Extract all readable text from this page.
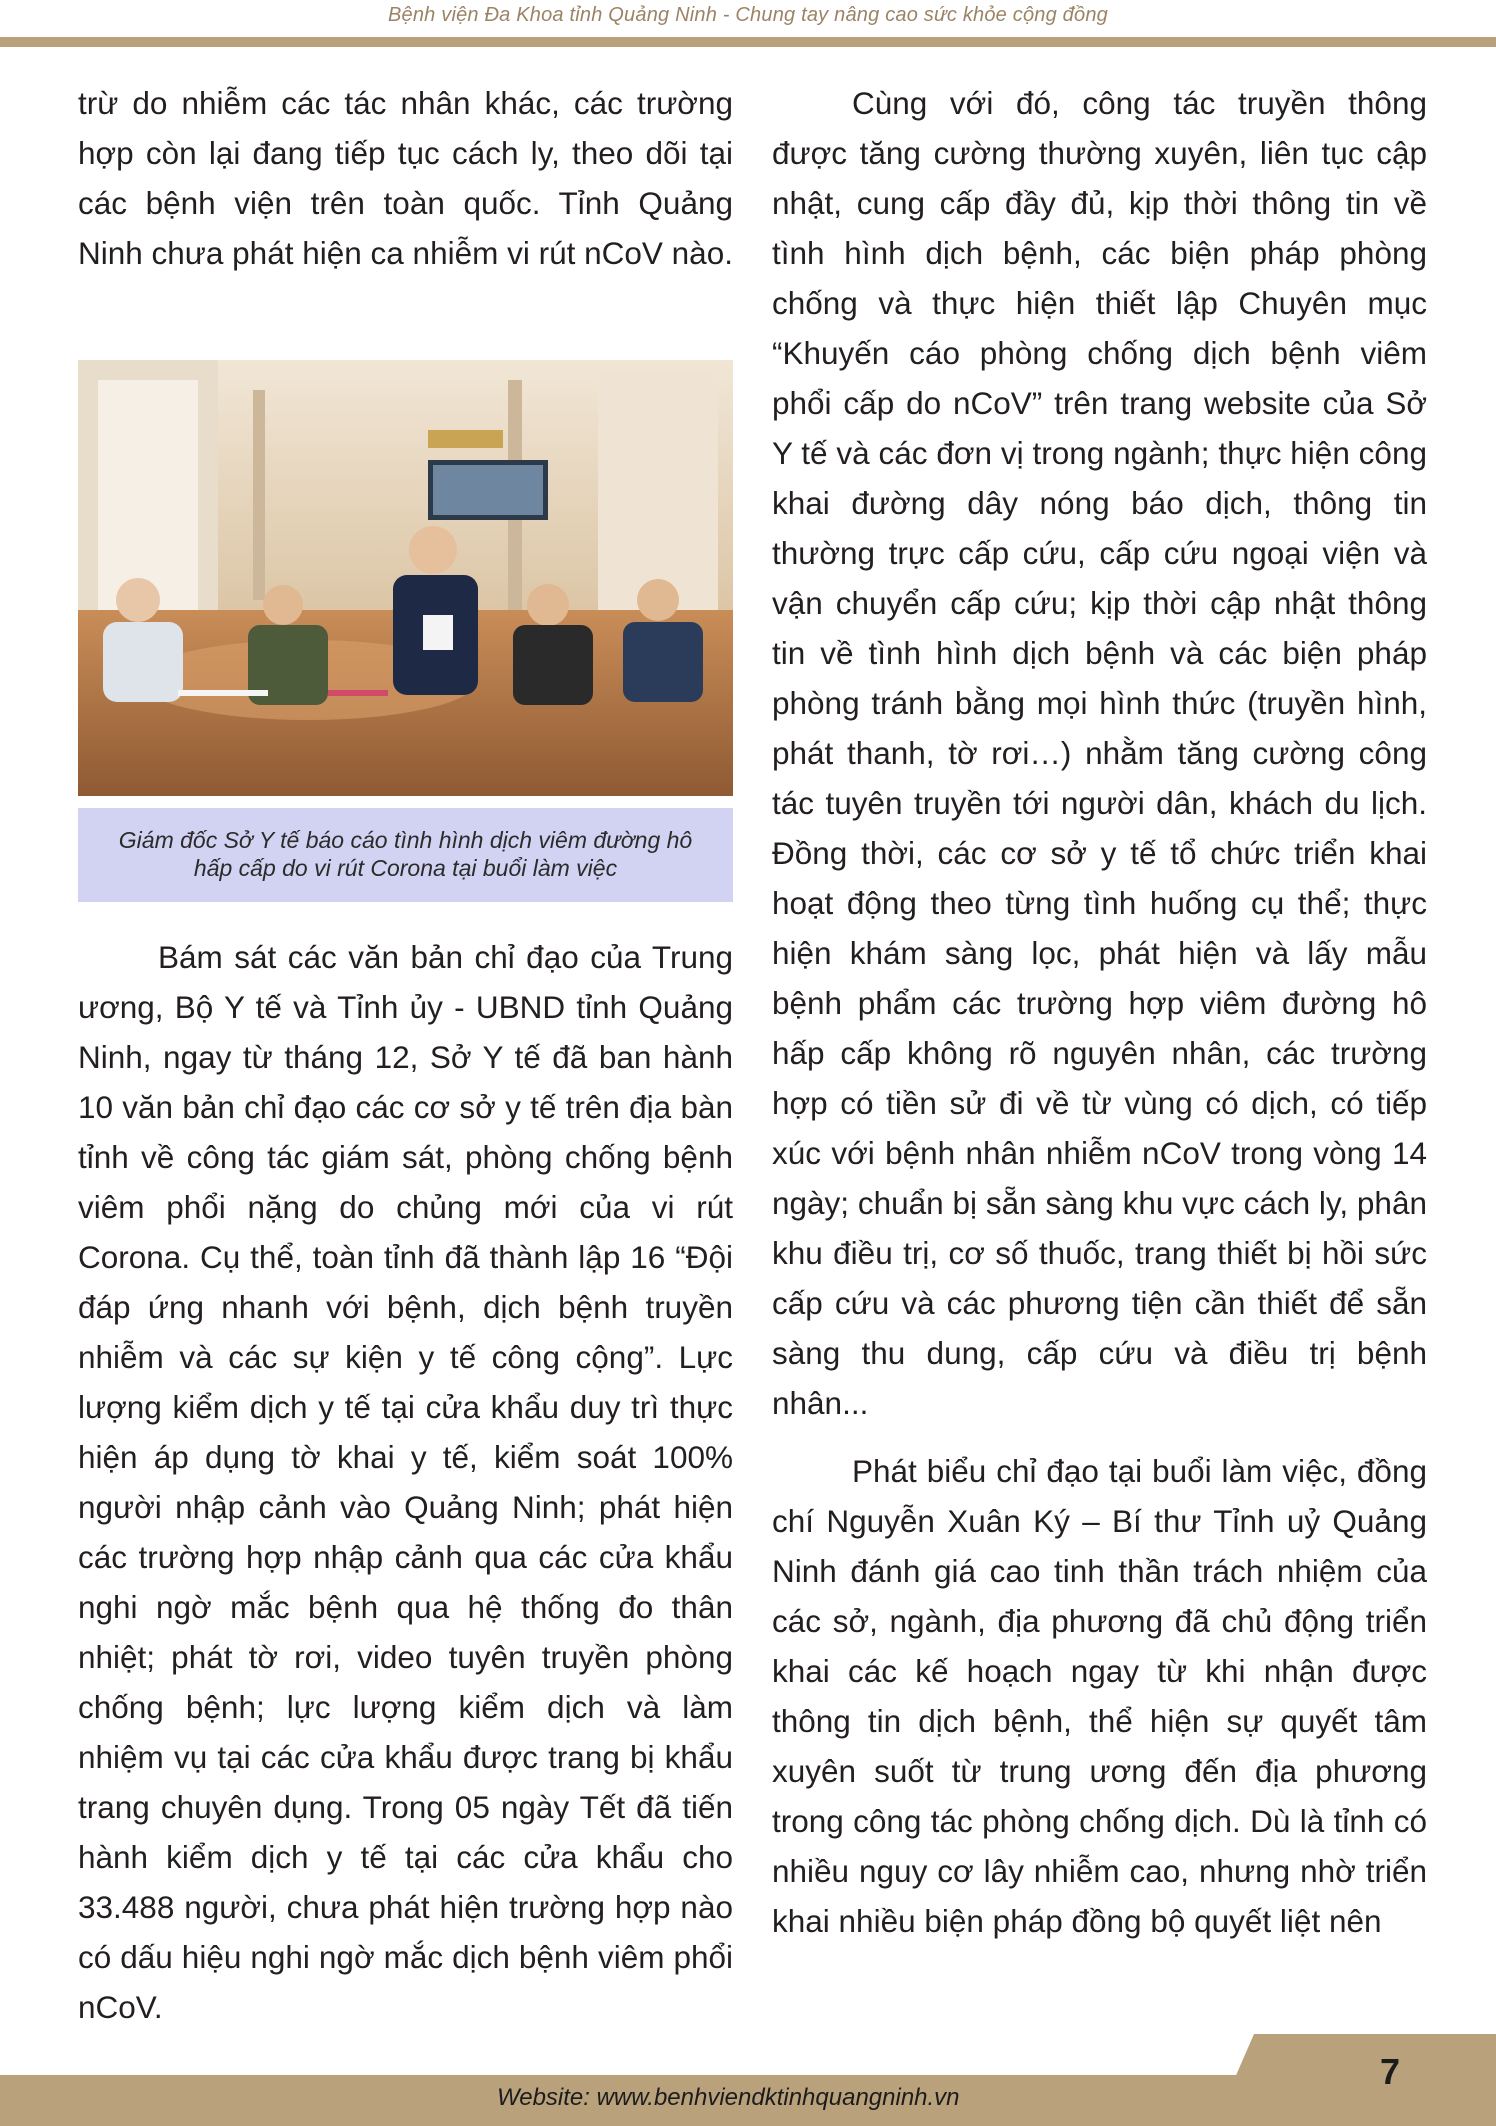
Bệnh viện Đa Khoa tỉnh Quảng Ninh - Chung tay nâng cao sức khỏe cộng đồng

trừ do nhiễm các tác nhân khác, các trường hợp còn lại đang tiếp tục cách ly, theo dõi tại các bệnh viện trên toàn quốc. Tỉnh Quảng Ninh chưa phát hiện ca nhiễm vi rút nCoV nào.

Giám đốc Sở Y tế báo cáo tình hình dịch viêm đường hô hấp cấp do vi rút Corona tại buổi làm việc

Bám sát các văn bản chỉ đạo của Trung ương, Bộ Y tế và Tỉnh ủy - UBND tỉnh Quảng Ninh, ngay từ tháng 12, Sở Y tế đã ban hành 10 văn bản chỉ đạo các cơ sở y tế trên địa bàn tỉnh về công tác giám sát, phòng chống bệnh viêm phổi nặng do chủng mới của vi rút Corona. Cụ thể, toàn tỉnh đã thành lập 16 “Đội đáp ứng nhanh với bệnh, dịch bệnh truyền nhiễm và các sự kiện y tế công cộng”. Lực lượng kiểm dịch y tế tại cửa khẩu duy trì thực hiện áp dụng tờ khai y tế, kiểm soát 100% người nhập cảnh vào Quảng Ninh; phát hiện các trường hợp nhập cảnh qua các cửa khẩu nghi ngờ mắc bệnh qua hệ thống đo thân nhiệt; phát tờ rơi, video tuyên truyền phòng chống bệnh; lực lượng kiểm dịch và làm nhiệm vụ tại các cửa khẩu được trang bị khẩu trang chuyên dụng. Trong 05 ngày Tết đã tiến hành kiểm dịch y tế tại các cửa khẩu cho 33.488 người, chưa phát hiện trường hợp nào có dấu hiệu nghi ngờ mắc dịch bệnh viêm phổi nCoV.

Cùng với đó, công tác truyền thông được tăng cường thường xuyên, liên tục cập nhật, cung cấp đầy đủ, kịp thời thông tin về tình hình dịch bệnh, các biện pháp phòng chống và thực hiện thiết lập Chuyên mục “Khuyến cáo phòng chống dịch bệnh viêm phổi cấp do nCoV” trên trang website của Sở Y tế và các đơn vị trong ngành; thực hiện công khai đường dây nóng báo dịch, thông tin thường trực cấp cứu, cấp cứu ngoại viện và vận chuyển cấp cứu; kịp thời cập nhật thông tin về tình hình dịch bệnh và các biện pháp phòng tránh bằng mọi hình thức (truyền hình, phát thanh, tờ rơi…) nhằm tăng cường công tác tuyên truyền tới người dân, khách du lịch. Đồng thời, các cơ sở y tế tổ chức triển khai hoạt động theo từng tình huống cụ thể; thực hiện khám sàng lọc, phát hiện và lấy mẫu bệnh phẩm các trường hợp viêm đường hô hấp cấp không rõ nguyên nhân, các trường hợp có tiền sử đi về từ vùng có dịch, có tiếp xúc với bệnh nhân nhiễm nCoV trong vòng 14 ngày; chuẩn bị sẵn sàng khu vực cách ly, phân khu điều trị, cơ số thuốc, trang thiết bị hồi sức cấp cứu và các phương tiện cần thiết để sẵn sàng thu dung, cấp cứu và điều trị bệnh nhân...

Phát biểu chỉ đạo tại buổi làm việc, đồng chí Nguyễn Xuân Ký – Bí thư Tỉnh uỷ Quảng Ninh đánh giá cao tinh thần trách nhiệm của các sở, ngành, địa phương đã chủ động triển khai các kế hoạch ngay từ khi nhận được thông tin dịch bệnh, thể hiện sự quyết tâm xuyên suốt từ trung ương đến địa phương trong công tác phòng chống dịch. Dù là tỉnh có nhiều nguy cơ lây nhiễm cao, nhưng nhờ triển khai nhiều biện pháp đồng bộ quyết liệt nên

Website: www.benhviendktinhquangninh.vn
7
